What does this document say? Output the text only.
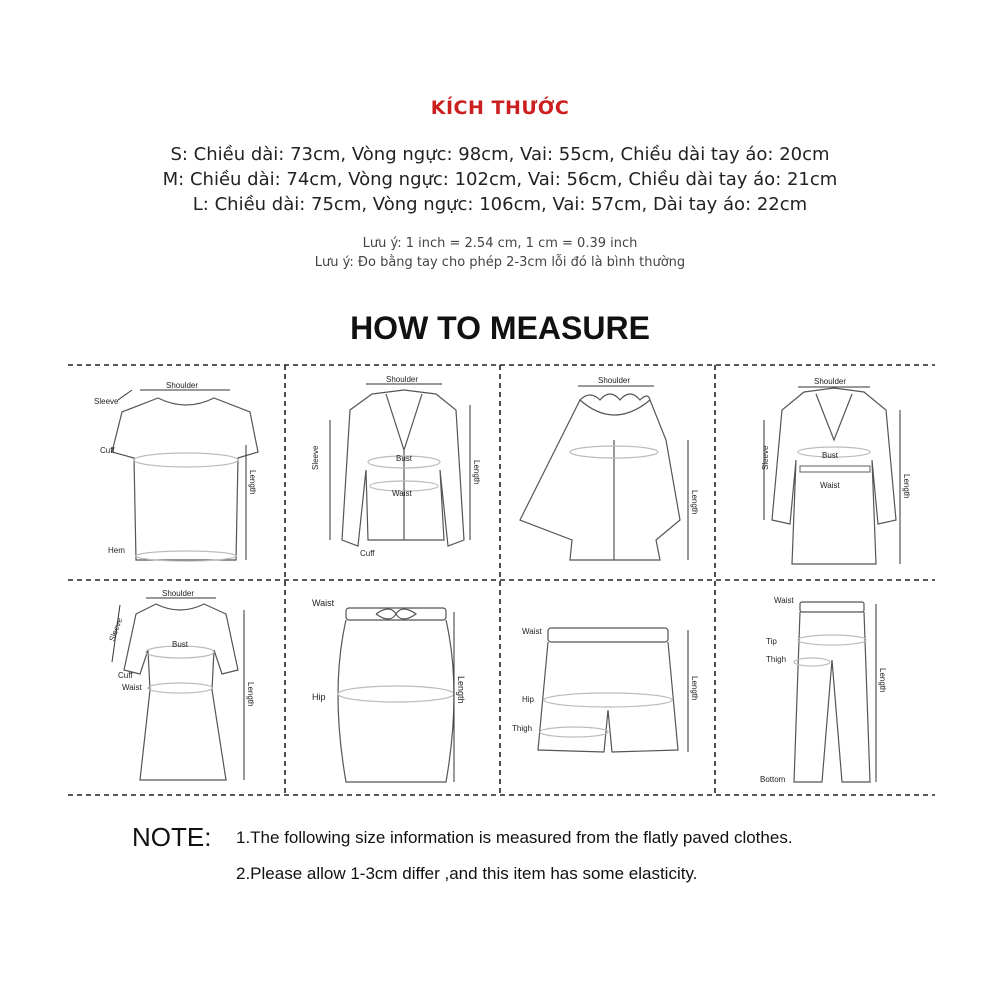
KÍCH THƯỚC
S: Chiều dài: 73cm, Vòng ngực: 98cm, Vai: 55cm, Chiều dài tay áo: 20cm
M: Chiều dài: 74cm, Vòng ngực: 102cm, Vai: 56cm, Chiều dài tay áo: 21cm
L: Chiều dài: 75cm, Vòng ngực: 106cm, Vai: 57cm, Dài tay áo: 22cm
Lưu ý: 1 inch = 2.54 cm, 1 cm = 0.39 inch
Lưu ý: Đo bằng tay cho phép 2-3cm lỗi đó là bình thường
HOW TO MEASURE
Shoulder
Sleeve
Cuff
Hem
Length
Shoulder
Sleeve	Bust
Waist
Cuff
Length
Shoulder
Length
Shoulder
Sleeve	Bust
Waist	Length
Shoulder
Sleeve
Bust
Cuff
Waist	Length
Waist
Hip	Length
Waist
Hip
Thigh
Length
Waist
Tip
Thigh
Bottom
Length
NOTE: 1.The following size information is measured from the flatly paved clothes.
2.Please allow 1-3cm differ ,and this item has some elasticity.
